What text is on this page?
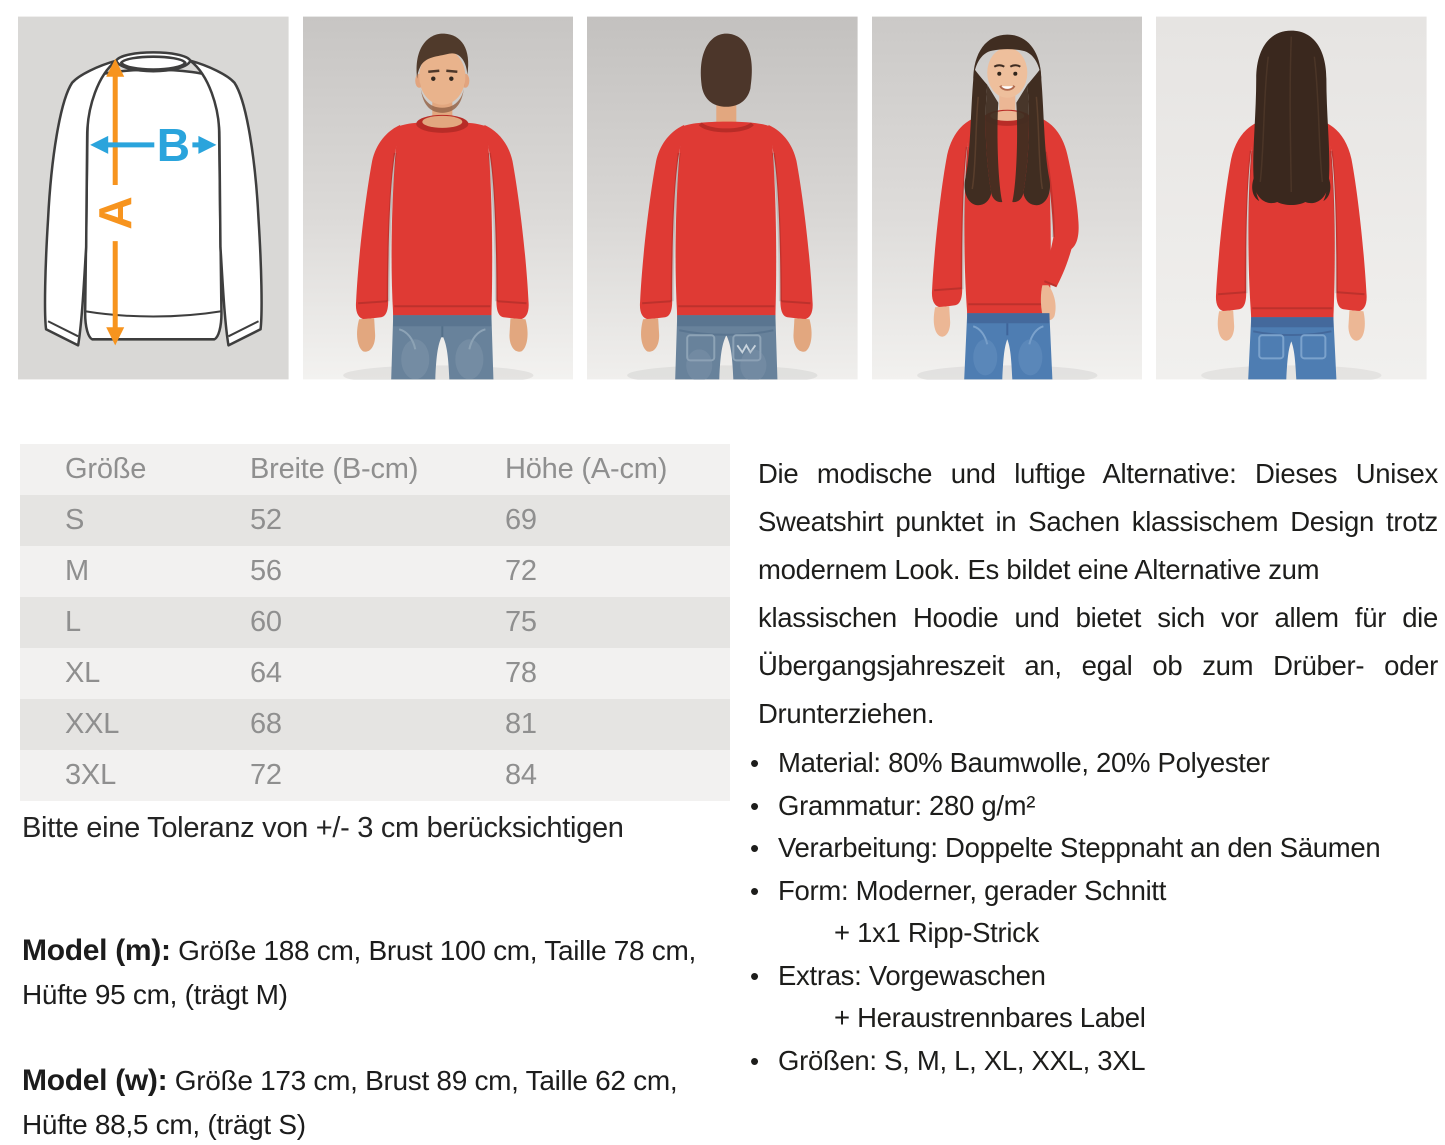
A
B
Größe	Breite (B-cm)	Höhe (A-cm)
S	52	69
M	56	72
L	60	75
XL	64	78
XXL	68	81
3XL	72	84
Bitte eine Toleranz von +/- 3 cm berücksichtigen

Model (m): Größe 188 cm, Brust 100 cm, Taille 78 cm, Hüfte 95 cm, (trägt M)

Model (w): Größe 173 cm, Brust 89 cm, Taille 62 cm, Hüfte 88,5 cm, (trägt S)

Die modische und luftige Alternative: Dieses Unisex Sweatshirt punktet in Sachen klassischem Design trotz modernem Look. Es bildet eine Alternative zum

klassischen Hoodie und bietet sich vor allem für die Übergangsjahreszeit an, egal ob zum Drüber- oder Drunterziehen.

• Material: 80% Baumwolle, 20% Polyester
• Grammatur: 280 g/m²
• Verarbeitung: Doppelte Steppnaht an den Säumen
• Form: Moderner, gerader Schnitt
+ 1x1 Ripp-Strick
• Extras: Vorgewaschen
+ Heraustrennbares Label
• Größen: S, M, L, XL, XXL, 3XL
